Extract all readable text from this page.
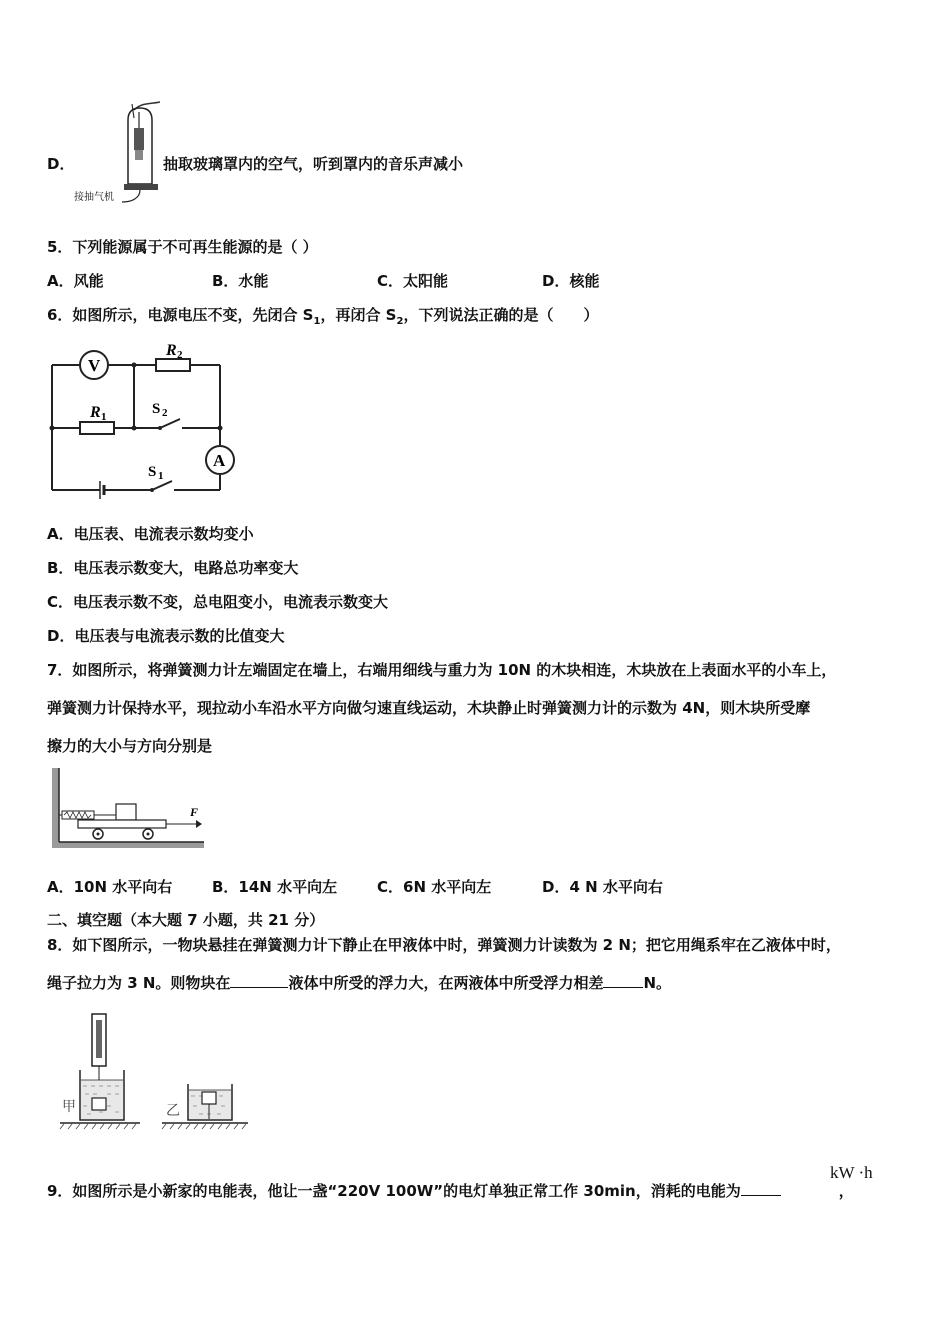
接抽气机
D．	抽取玻璃罩内的空气，听到罩内的音乐声减小
5．下列能源属于不可再生能源的是（ ）
A．风能	B．水能	C．太阳能	D．核能
6．如图所示，电源电压不变，先闭合 $S_1$，再闭合 $S_2$，下列说法正确的是（　　）
V
A
R 2
R 1	S 2
S 1
A．电压表、电流表示数均变小
B．电压表示数变大，电路总功率变大
C．电压表示数不变，总电阻变小，电流表示数变大
D．电压表与电流表示数的比值变大
7．如图所示，将弹簧测力计左端固定在墙上，右端用细线与重力为 10N 的木块相连，木块放在上表面水平的小车上，
弹簧测力计保持水平，现拉动小车沿水平方向做匀速直线运动，木块静止时弹簧测力计的示数为 4N，则木块所受摩
擦力的大小与方向分别是
F
A．10N 水平向右	B．14N 水平向左	C．6N 水平向左	D．4 N 水平向右
二、填空题（本大题 7 小题，共 21 分）
8．如下图所示，一物块悬挂在弹簧测力计下静止在甲液体中时，弹簧测力计读数为 2 N；把它用绳系牢在乙液体中时，
绳子拉力为 3 N。则物块在	液体中所受的浮力大，在两液体中所受浮力相差	N。
甲	乙
kW ·h
9．如图所示是小新家的电能表，他让一盏“220V 100W”的电灯单独正常工作 30min，消耗的电能为	，
